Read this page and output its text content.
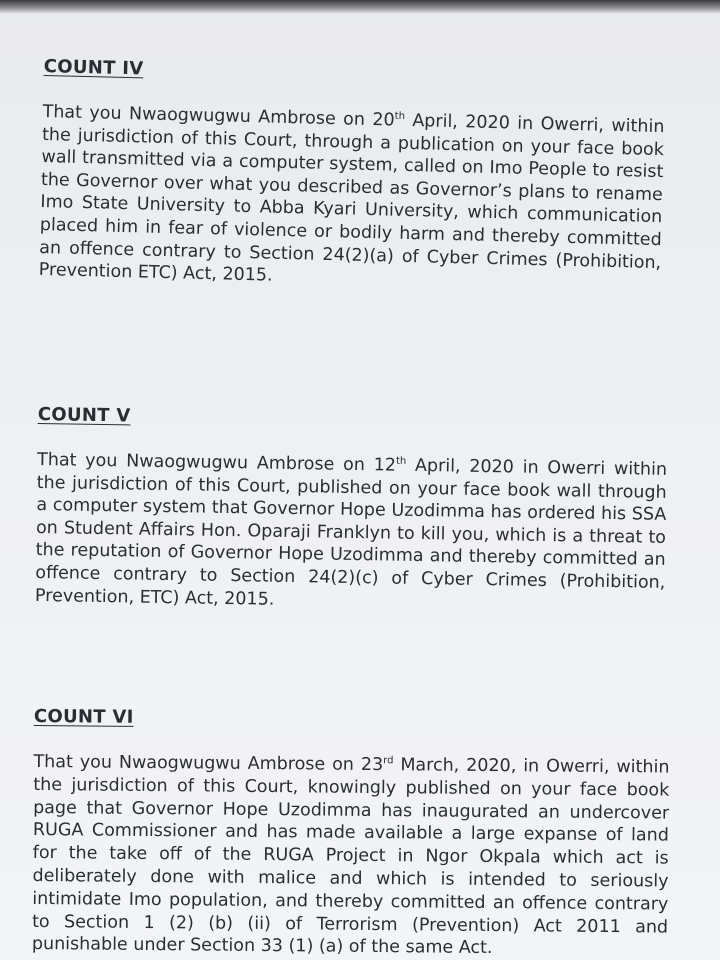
COUNT IV

That you Nwaogwugwu Ambrose on 20th April, 2020 in Owerri, within the jurisdiction of this Court, through a publication on your face book wall transmitted via a computer system, called on Imo People to resist the Governor over what you described as Governor’s plans to rename Imo State University to Abba Kyari University, which communication placed him in fear of violence or bodily harm and thereby committed an offence contrary to Section 24(2)(a) of Cyber Crimes (Prohibition, Prevention ETC) Act, 2015.

COUNT V

That you Nwaogwugwu Ambrose on 12th April, 2020 in Owerri within the jurisdiction of this Court, published on your face book wall through a computer system that Governor Hope Uzodimma has ordered his SSA on Student Affairs Hon. Oparaji Franklyn to kill you, which is a threat to the reputation of Governor Hope Uzodimma and thereby committed an offence contrary to Section 24(2)(c) of Cyber Crimes (Prohibition, Prevention, ETC) Act, 2015.

COUNT VI

That you Nwaogwugwu Ambrose on 23rd March, 2020, in Owerri, within the jurisdiction of this Court, knowingly published on your face book page that Governor Hope Uzodimma has inaugurated an undercover RUGA Commissioner and has made available a large expanse of land for the take off of the RUGA Project in Ngor Okpala which act is deliberately done with malice and which is intended to seriously intimidate Imo population, and thereby committed an offence contrary to Section 1 (2) (b) (ii) of Terrorism (Prevention) Act 2011 and punishable under Section 33 (1) (a) of the same Act.
